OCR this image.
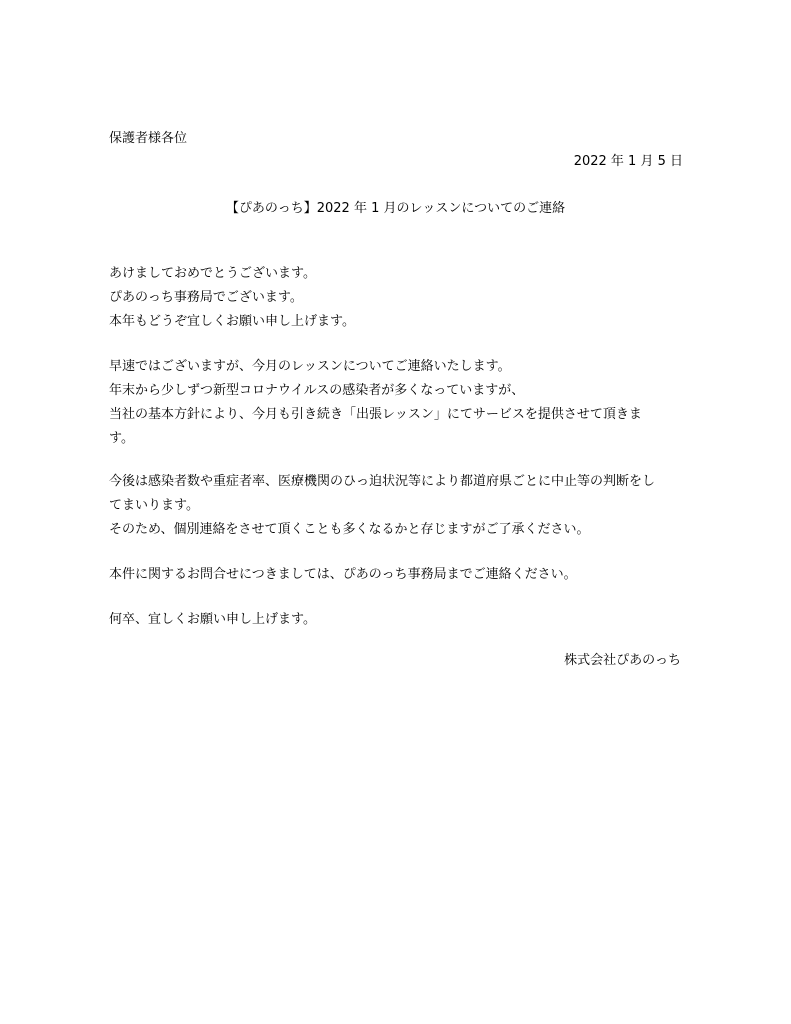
保護者様各位
2022 年 1 月 5 日
【ぴあのっち】2022 年 1 月のレッスンについてのご連絡
あけましておめでとうございます。
ぴあのっち事務局でございます。
本年もどうぞ宜しくお願い申し上げます。
早速ではございますが、今月のレッスンについてご連絡いたします。
年末から少しずつ新型コロナウイルスの感染者が多くなっていますが、
当社の基本方針により、今月も引き続き「出張レッスン」にてサービスを提供させて頂きま
す。
今後は感染者数や重症者率、医療機関のひっ迫状況等により都道府県ごとに中止等の判断をし
てまいります。
そのため、個別連絡をさせて頂くことも多くなるかと存じますがご了承ください。
本件に関するお問合せにつきましては、ぴあのっち事務局までご連絡ください。
何卒、宜しくお願い申し上げます。
株式会社ぴあのっち
